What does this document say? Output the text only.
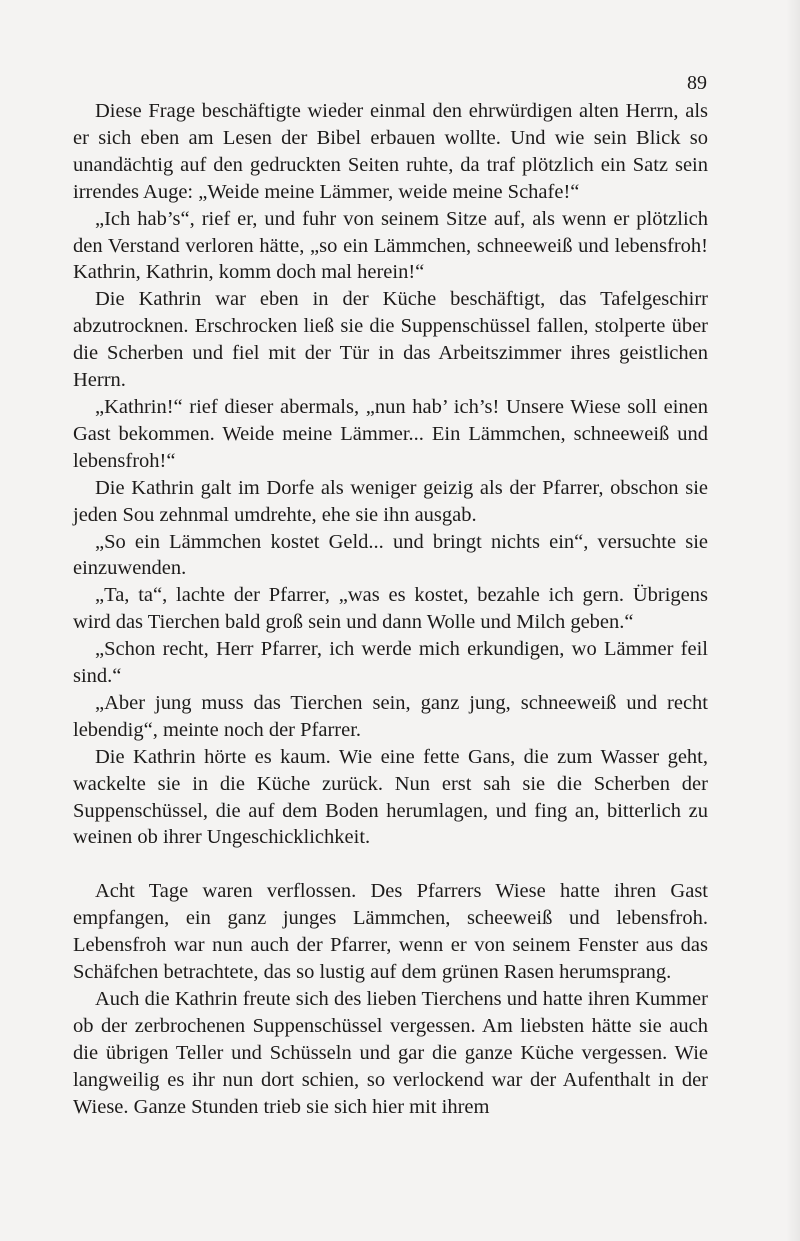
89

Diese Frage beschäftigte wieder einmal den ehrwürdigen alten Herrn, als er sich eben am Lesen der Bibel erbauen wollte. Und wie sein Blick so unandächtig auf den gedruckten Seiten ruhte, da traf plötzlich ein Satz sein irrendes Auge: „Weide meine Lämmer, weide meine Schafe!“

„Ich hab’s“, rief er, und fuhr von seinem Sitze auf, als wenn er plötzlich den Verstand verloren hätte, „so ein Lämmchen, schneeweiß und lebensfroh! Kathrin, Kathrin, komm doch mal herein!“

Die Kathrin war eben in der Küche beschäftigt, das Tafelgeschirr abzutrocknen. Erschrocken ließ sie die Suppenschüssel fallen, stolperte über die Scherben und fiel mit der Tür in das Arbeitszimmer ihres geistlichen Herrn.

„Kathrin!“ rief dieser abermals, „nun hab’ ich’s! Unsere Wiese soll einen Gast bekommen. Weide meine Lämmer... Ein Lämmchen, schneeweiß und lebensfroh!“

Die Kathrin galt im Dorfe als weniger geizig als der Pfarrer, obschon sie jeden Sou zehnmal umdrehte, ehe sie ihn ausgab.

„So ein Lämmchen kostet Geld... und bringt nichts ein“, versuchte sie einzuwenden.

„Ta, ta“, lachte der Pfarrer, „was es kostet, bezahle ich gern. Übrigens wird das Tierchen bald groß sein und dann Wolle und Milch geben.“

„Schon recht, Herr Pfarrer, ich werde mich erkundigen, wo Lämmer feil sind.“

„Aber jung muss das Tierchen sein, ganz jung, schneeweiß und recht lebendig“, meinte noch der Pfarrer.

Die Kathrin hörte es kaum. Wie eine fette Gans, die zum Wasser geht, wackelte sie in die Küche zurück. Nun erst sah sie die Scherben der Suppenschüssel, die auf dem Boden herumlagen, und fing an, bitterlich zu weinen ob ihrer Ungeschicklichkeit.

Acht Tage waren verflossen. Des Pfarrers Wiese hatte ihren Gast empfangen, ein ganz junges Lämmchen, scheeweiß und lebensfroh. Lebensfroh war nun auch der Pfarrer, wenn er von seinem Fenster aus das Schäfchen betrachtete, das so lustig auf dem grünen Rasen herumsprang.

Auch die Kathrin freute sich des lieben Tierchens und hatte ihren Kummer ob der zerbrochenen Suppenschüssel vergessen. Am liebsten hätte sie auch die übrigen Teller und Schüsseln und gar die ganze Küche vergessen. Wie langweilig es ihr nun dort schien, so verlockend war der Aufenthalt in der Wiese. Ganze Stunden trieb sie sich hier mit ihrem
